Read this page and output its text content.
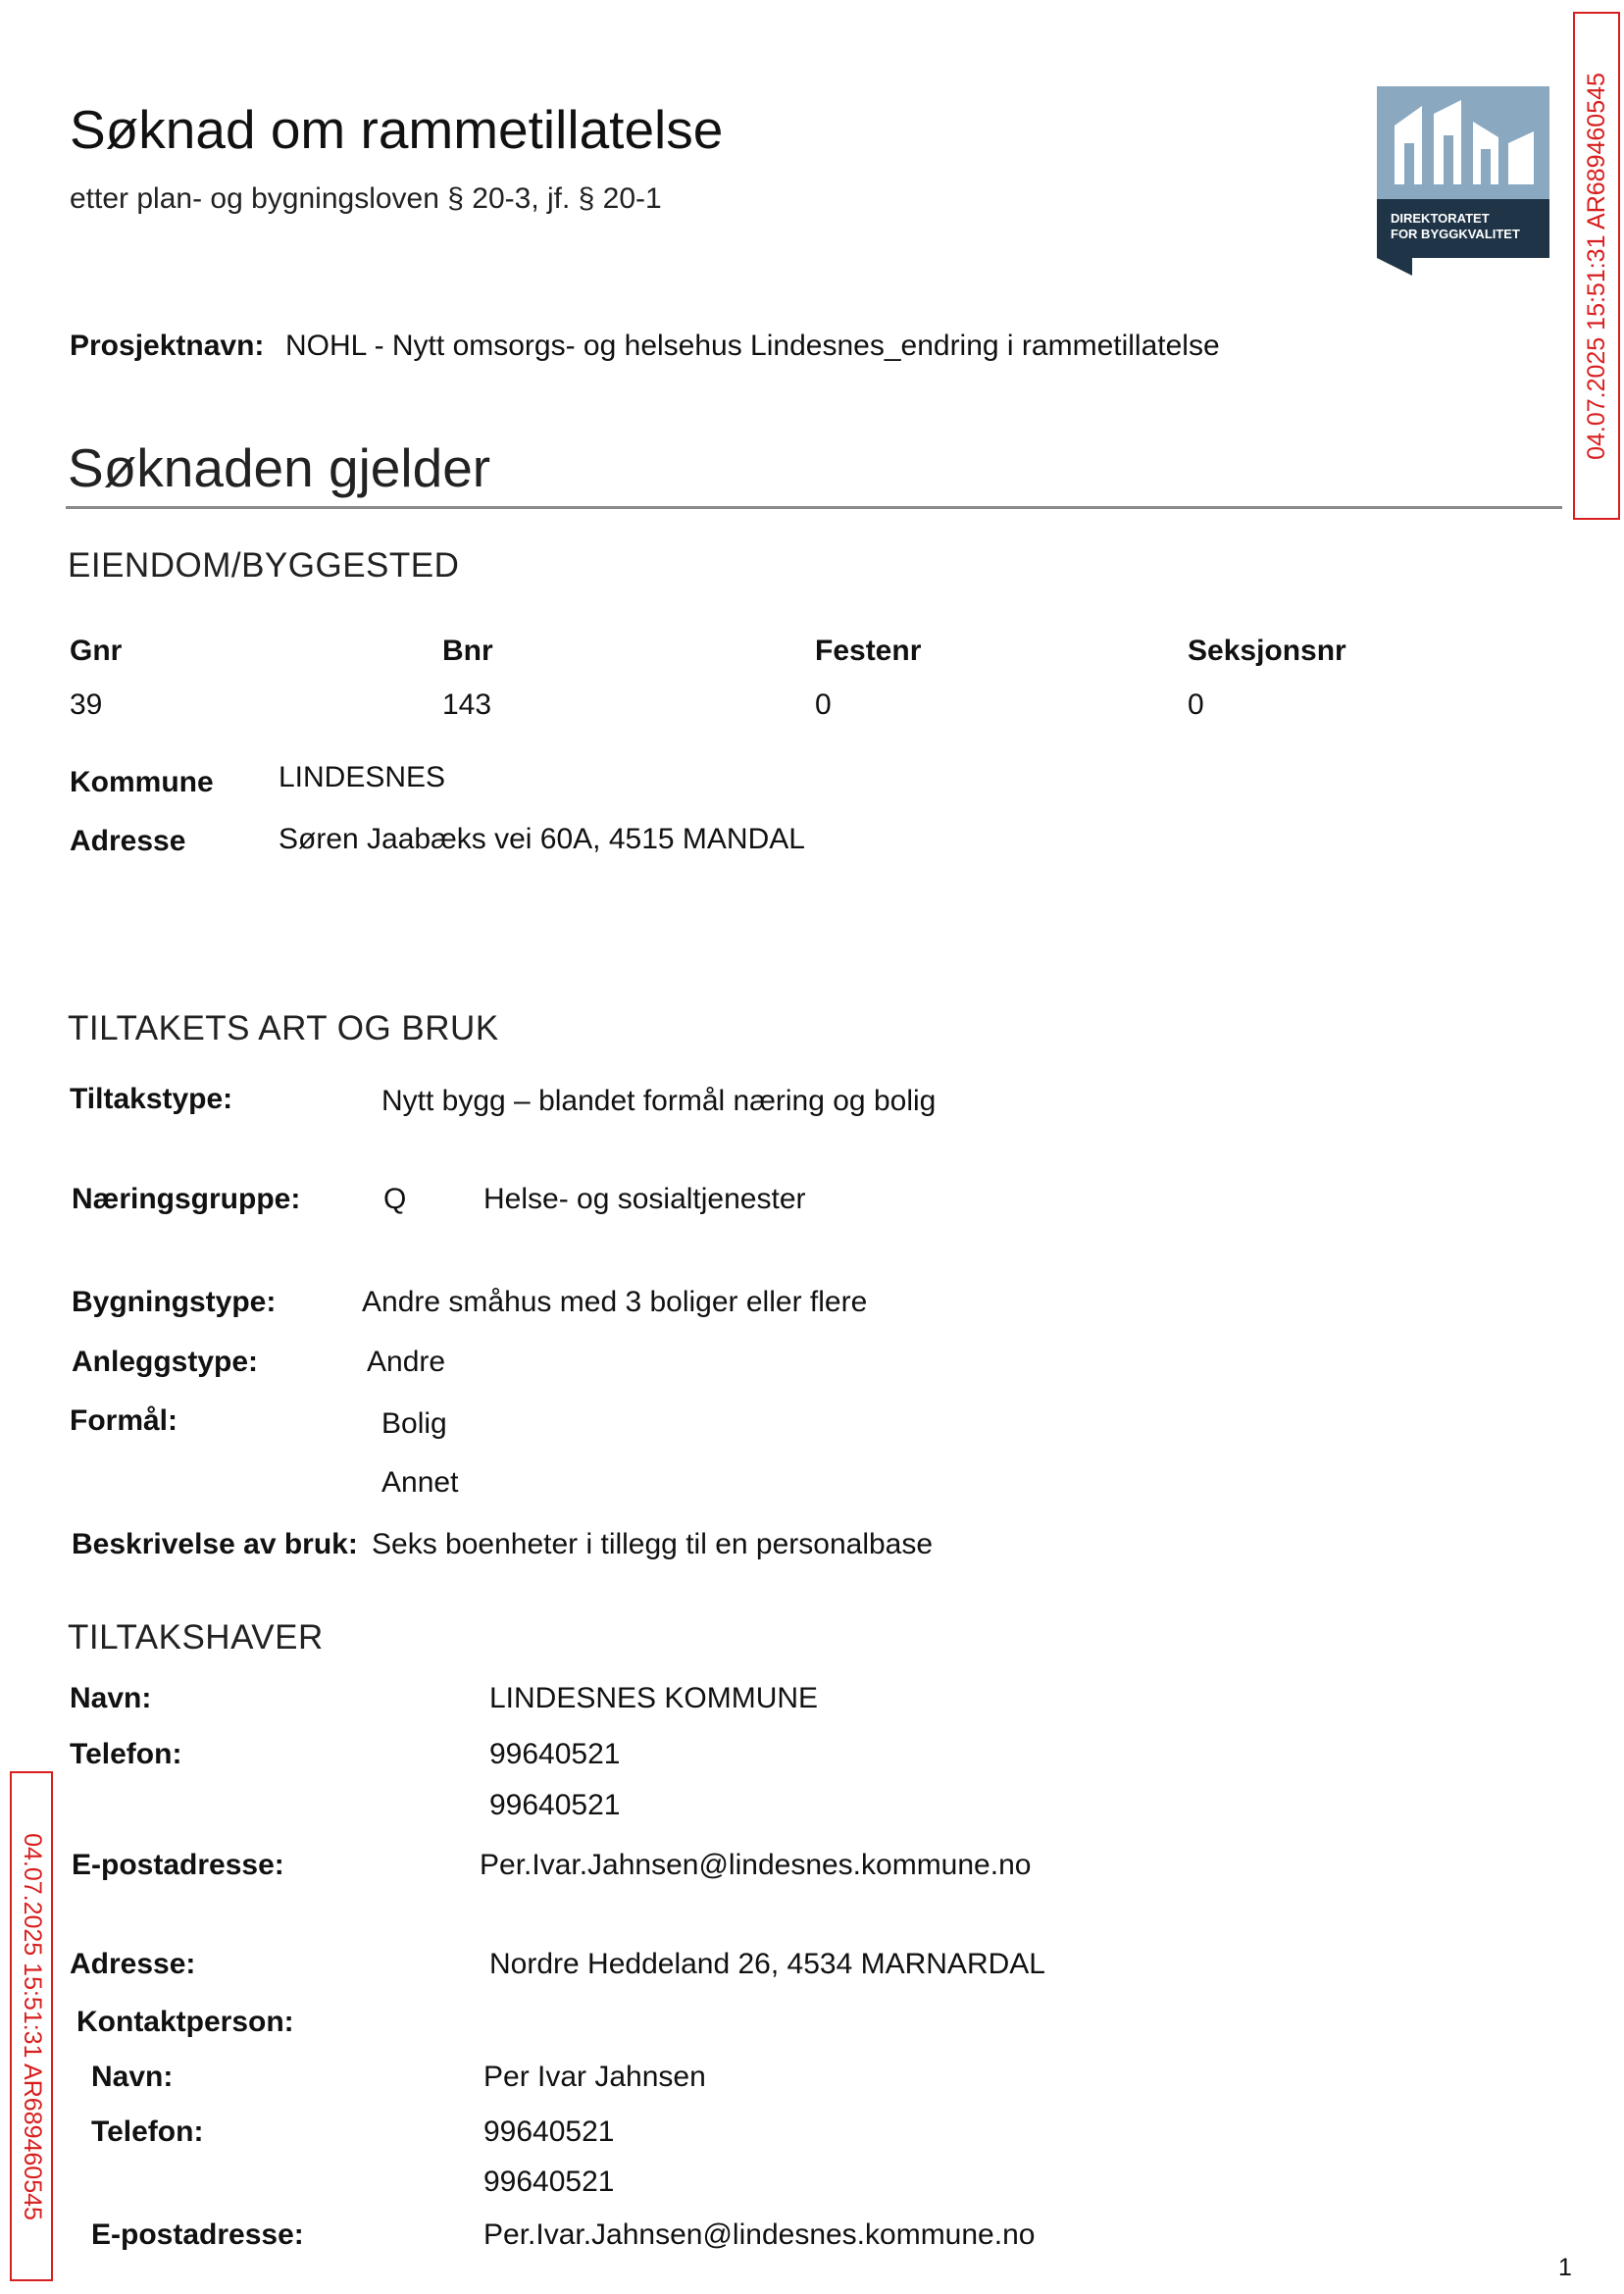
Søknad om rammetillatelse
etter plan- og bygningsloven § 20-3, jf. § 20-1
DIREKTORATET
FOR BYGGKVALITET	04.07.2025 15:51:31 AR689460545
Prosjektnavn: NOHL - Nytt omsorgs- og helsehus Lindesnes_endring i rammetillatelse
Søknaden gjelder
EIENDOM/BYGGESTED
Gnr	Bnr	Festenr	Seksjonsnr
39	143	0	0
Kommune LINDESNES
Adresse	Søren Jaabæks vei 60A, 4515 MANDAL
TILTAKETS ART OG BRUK
Tiltakstype:	Nytt bygg – blandet formål næring og bolig
Næringsgruppe:	Q	Helse- og sosialtjenester
Bygningstype:	Andre småhus med 3 boliger eller flere
Anleggstype:	Andre
Formål:	Bolig
Annet
Beskrivelse av bruk: Seks boenheter i tillegg til en personalbase
TILTAKSHAVER
Navn:	LINDESNES KOMMUNE
Telefon:	99640521
99640521
E-postadresse:	Per.Ivar.Jahnsen@lindesnes.kommune.no
Adresse:	Nordre Heddeland 26, 4534 MARNARDAL
Kontaktperson:
Navn:	Per Ivar Jahnsen
Telefon:	99640521
99640521
E-postadresse:	Per.Ivar.Jahnsen@lindesnes.kommune.no
04.07.2025 15:51:31 AR689460545
1
